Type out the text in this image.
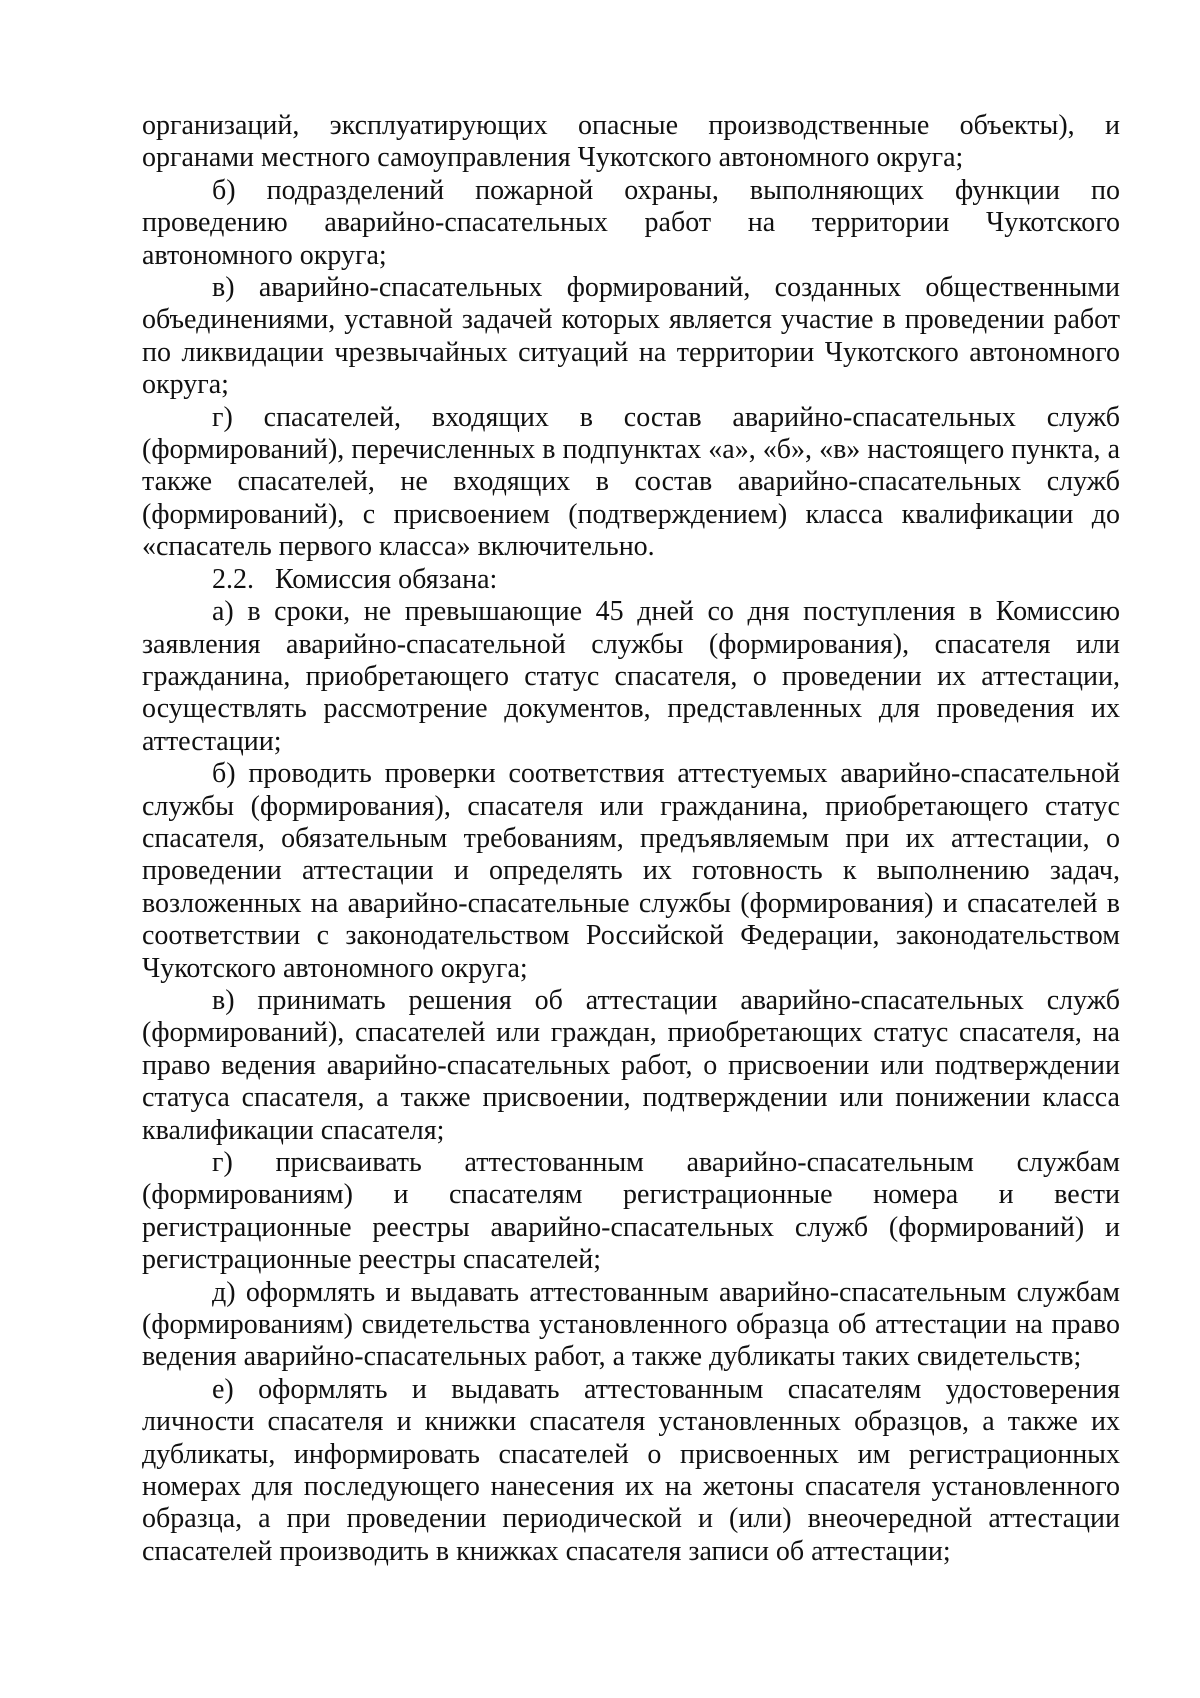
организаций, эксплуатирующих опасные производственные объекты), и органами местного самоуправления Чукотского автономного округа;

б) подразделений пожарной охраны, выполняющих функции по проведению аварийно-спасательных работ на территории Чукотского автономного округа;

в) аварийно-спасательных формирований, созданных общественными объединениями, уставной задачей которых является участие в проведении работ по ликвидации чрезвычайных ситуаций на территории Чукотского автономного округа;

г) спасателей, входящих в состав аварийно-спасательных служб (формирований), перечисленных в подпунктах «а», «б», «в» настоящего пункта, а также спасателей, не входящих в состав аварийно-спасательных служб (формирований), с присвоением (подтверждением) класса квалификации до «спасатель первого класса» включительно.

2.2.   Комиссия обязана:

а) в сроки, не превышающие 45 дней со дня поступления в Комиссию заявления аварийно-спасательной службы (формирования), спасателя или гражданина, приобретающего статус спасателя, о проведении их аттестации, осуществлять рассмотрение документов, представленных для проведения их аттестации;

б) проводить проверки соответствия аттестуемых аварийно-спасательной службы (формирования), спасателя или гражданина, приобретающего статус спасателя, обязательным требованиям, предъявляемым при их аттестации, о проведении аттестации и определять их готовность к выполнению задач, возложенных на аварийно-спасательные службы (формирования) и спасателей в соответствии с законодательством Российской Федерации, законодательством Чукотского автономного округа;

в) принимать решения об аттестации аварийно-спасательных служб (формирований), спасателей или граждан, приобретающих статус спасателя, на право ведения аварийно-спасательных работ, о присвоении или подтверждении статуса спасателя, а также присвоении, подтверждении или понижении класса квалификации спасателя;

г) присваивать аттестованным аварийно-спасательным службам (формированиям) и спасателям регистрационные номера и вести регистрационные реестры аварийно-спасательных служб (формирований) и регистрационные реестры спасателей;

д) оформлять и выдавать аттестованным аварийно-спасательным службам (формированиям) свидетельства установленного образца об аттестации на право ведения аварийно-спасательных работ, а также дубликаты таких свидетельств;

е) оформлять и выдавать аттестованным спасателям удостоверения личности спасателя и книжки спасателя установленных образцов, а также их дубликаты, информировать спасателей о присвоенных им регистрационных номерах для последующего нанесения их на жетоны спасателя установленного образца, а при проведении периодической и (или) внеочередной аттестации спасателей производить в книжках спасателя записи об аттестации;
